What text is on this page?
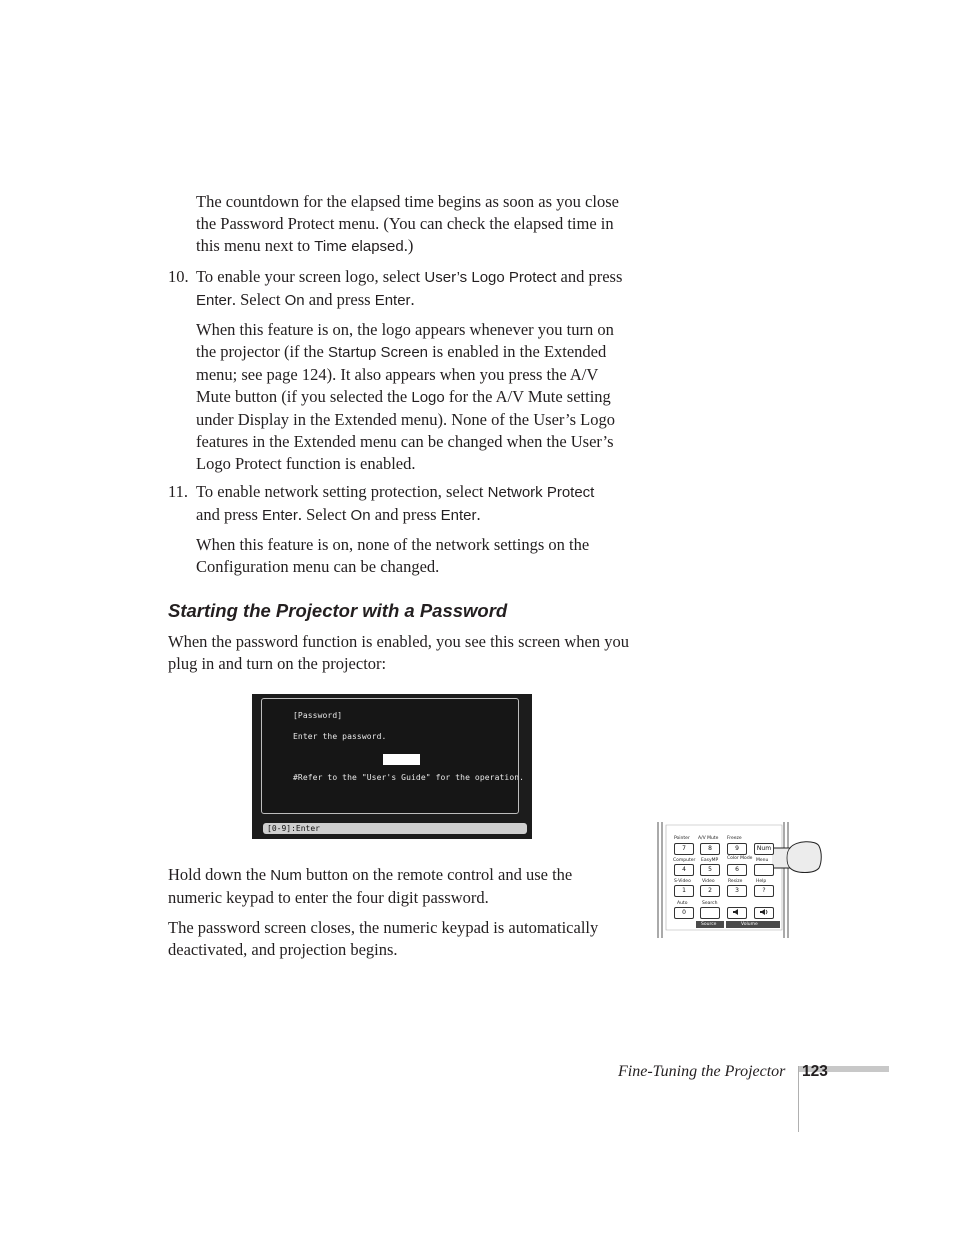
The countdown for the elapsed time begins as soon as you close
the Password Protect menu. (You can check the elapsed time in
this menu next to Time elapsed.)

10. To enable your screen logo, select User’s Logo Protect and press
Enter. Select On and press Enter.

When this feature is on, the logo appears whenever you turn on
the projector (if the Startup Screen is enabled in the Extended
menu; see page 124). It also appears when you press the A/V
Mute button (if you selected the Logo for the A/V Mute setting
under Display in the Extended menu). None of the User’s Logo
features in the Extended menu can be changed when the User’s
Logo Protect function is enabled.

11. To enable network setting protection, select Network Protect
and press Enter. Select On and press Enter.

When this feature is on, none of the network settings on the
Configuration menu can be changed.

Starting the Projector with a Password

When the password function is enabled, you see this screen when you
plug in and turn on the projector:

[Password]
Enter the password.
#Refer to the "User's Guide" for the operation.
[0-9]:Enter

Hold down the Num button on the remote control and use the
numeric keypad to enter the four digit password.

The password screen closes, the numeric keypad is automatically
deactivated, and projection begins.

Pointer A/V Mute Freeze
7	8	9	Num
Computer EasyMP Color Mode Menu
4	5	6
S-Video Video	Resize	Help
1	2	3	?
Auto	Search
0
Source	Volume
Fine-Tuning the Projector 123
